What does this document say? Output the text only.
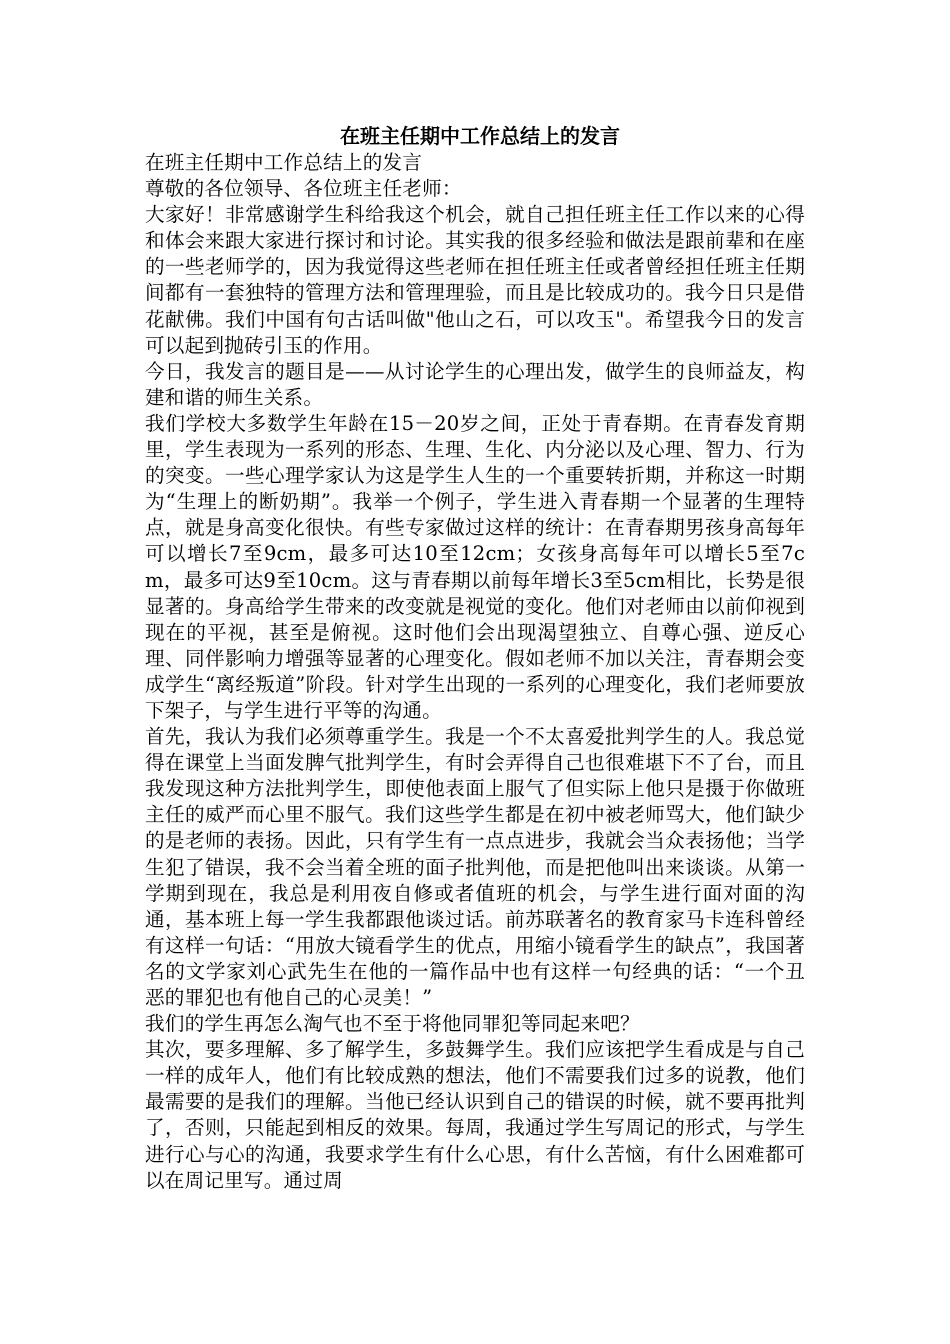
在班主任期中工作总结上的发言

在班主任期中工作总结上的发言

尊敬的各位领导、各位班主任老师：

大家好！非常感谢学生科给我这个机会，就自己担任班主任工作以来的心得和体会来跟大家进行探讨和讨论。其实我的很多经验和做法是跟前辈和在座的一些老师学的，因为我觉得这些老师在担任班主任或者曾经担任班主任期间都有一套独特的管理方法和管理理验，而且是比较成功的。我今日只是借花献佛。我们中国有句古话叫做"他山之石，可以攻玉"。希望我今日的发言可以起到抛砖引玉的作用。

今日，我发言的题目是——从讨论学生的心理出发，做学生的良师益友，构建和谐的师生关系。

我们学校大多数学生年龄在15－20岁之间，正处于青春期。在青春发育期里，学生表现为一系列的形态、生理、生化、内分泌以及心理、智力、行为的突变。一些心理学家认为这是学生人生的一个重要转折期，并称这一时期为“生理上的断奶期”。我举一个例子，学生进入青春期一个显著的生理特点，就是身高变化很快。有些专家做过这样的统计：在青春期男孩身高每年可以增长7至9cm，最多可达10至12cm；女孩身高每年可以增长5至7cm，最多可达9至10cm。这与青春期以前每年增长3至5cm相比，长势是很显著的。身高给学生带来的改变就是视觉的变化。他们对老师由以前仰视到现在的平视，甚至是俯视。这时他们会出现渴望独立、自尊心强、逆反心理、同伴影响力增强等显著的心理变化。假如老师不加以关注，青春期会变成学生“离经叛道”阶段。针对学生出现的一系列的心理变化，我们老师要放下架子，与学生进行平等的沟通。

首先，我认为我们必须尊重学生。我是一个不太喜爱批判学生的人。我总觉得在课堂上当面发脾气批判学生，有时会弄得自己也很难堪下不了台，而且我发现这种方法批判学生，即使他表面上服气了但实际上他只是摄于你做班主任的威严而心里不服气。我们这些学生都是在初中被老师骂大，他们缺少的是老师的表扬。因此，只有学生有一点点进步，我就会当众表扬他；当学生犯了错误，我不会当着全班的面子批判他，而是把他叫出来谈谈。从第一学期到现在，我总是利用夜自修或者值班的机会，与学生进行面对面的沟通，基本班上每一学生我都跟他谈过话。前苏联著名的教育家马卡连科曾经有这样一句话：“用放大镜看学生的优点，用缩小镜看学生的缺点”，我国著名的文学家刘心武先生在他的一篇作品中也有这样一句经典的话：“一个丑恶的罪犯也有他自己的心灵美！”

我们的学生再怎么淘气也不至于将他同罪犯等同起来吧？

其次，要多理解、多了解学生，多鼓舞学生。我们应该把学生看成是与自己一样的成年人，他们有比较成熟的想法，他们不需要我们过多的说教，他们最需要的是我们的理解。当他已经认识到自己的错误的时候，就不要再批判了，否则，只能起到相反的效果。每周，我通过学生写周记的形式，与学生进行心与心的沟通，我要求学生有什么心思，有什么苦恼，有什么困难都可以在周记里写。通过周
